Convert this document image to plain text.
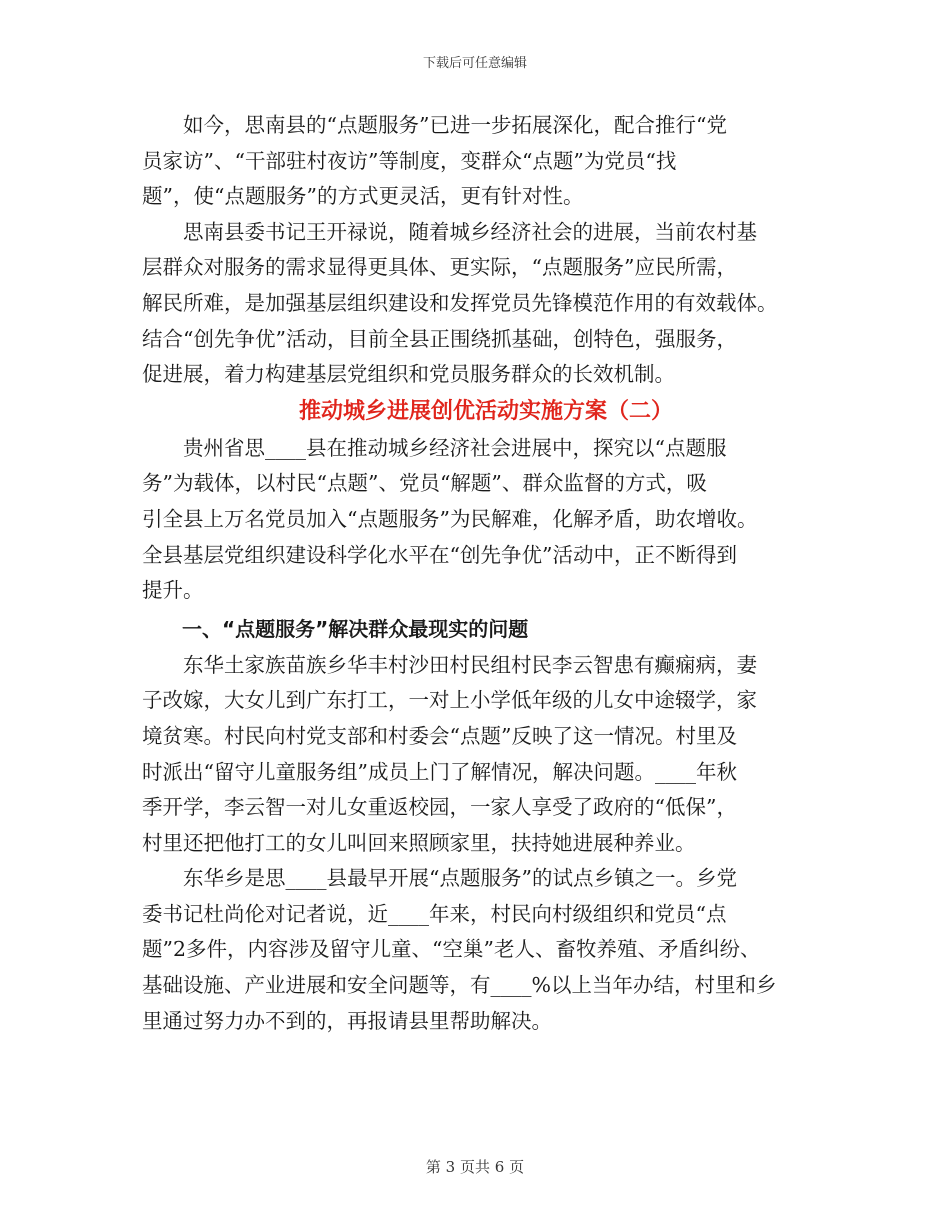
下载后可任意编辑
　　如今，思南县的“点题服务”已进一步拓展深化，配合推行“党
员家访”、“干部驻村夜访”等制度，变群众“点题”为党员“找
题”，使“点题服务”的方式更灵活，更有针对性。
　　思南县委书记王开禄说，随着城乡经济社会的进展，当前农村基
层群众对服务的需求显得更具体、更实际，“点题服务”应民所需，
解民所难，是加强基层组织建设和发挥党员先锋模范作用的有效载体。
结合“创先争优”活动，目前全县正围绕抓基础，创特色，强服务，
促进展，着力构建基层党组织和党员服务群众的长效机制。
推动城乡进展创优活动实施方案（二）
　　贵州省思____县在推动城乡经济社会进展中，探究以“点题服
务”为载体，以村民“点题”、党员“解题”、群众监督的方式，吸
引全县上万名党员加入“点题服务”为民解难，化解矛盾，助农增收。
全县基层党组织建设科学化水平在“创先争优”活动中，正不断得到
提升。
　　一、“点题服务”解决群众最现实的问题
　　东华土家族苗族乡华丰村沙田村民组村民李云智患有癫痫病，妻
子改嫁，大女儿到广东打工，一对上小学低年级的儿女中途辍学，家
境贫寒。村民向村党支部和村委会“点题”反映了这一情况。村里及
时派出“留守儿童服务组”成员上门了解情况，解决问题。____年秋
季开学，李云智一对儿女重返校园，一家人享受了政府的“低保”，
村里还把他打工的女儿叫回来照顾家里，扶持她进展种养业。
　　东华乡是思____县最早开展“点题服务”的试点乡镇之一。乡党
委书记杜尚伦对记者说，近____年来，村民向村级组织和党员“点
题”2多件，内容涉及留守儿童、“空巢”老人、畜牧养殖、矛盾纠纷、
基础设施、产业进展和安全问题等，有____%以上当年办结，村里和乡
里通过努力办不到的，再报请县里帮助解决。
第 3 页共 6 页
